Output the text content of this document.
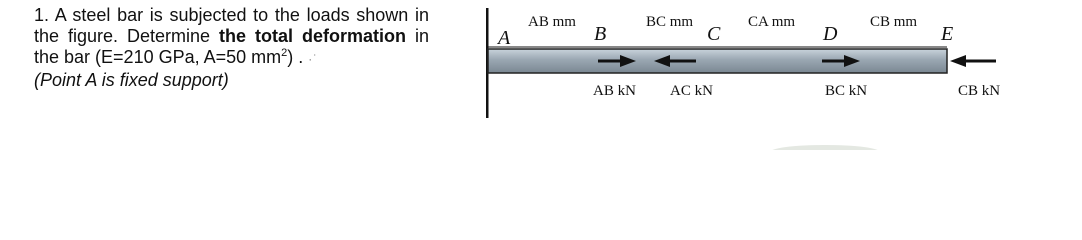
1. A steel bar is subjected to the loads shown in the figure. Determine the total deformation in the bar (E=210 GPa, A=50 $mm^2$) . ·˙

(Point A is fixed support)

A	B	C	D	E
AB mm	BC mm	CA mm	CB mm
AB kN AC kN	BC kN	CB kN
